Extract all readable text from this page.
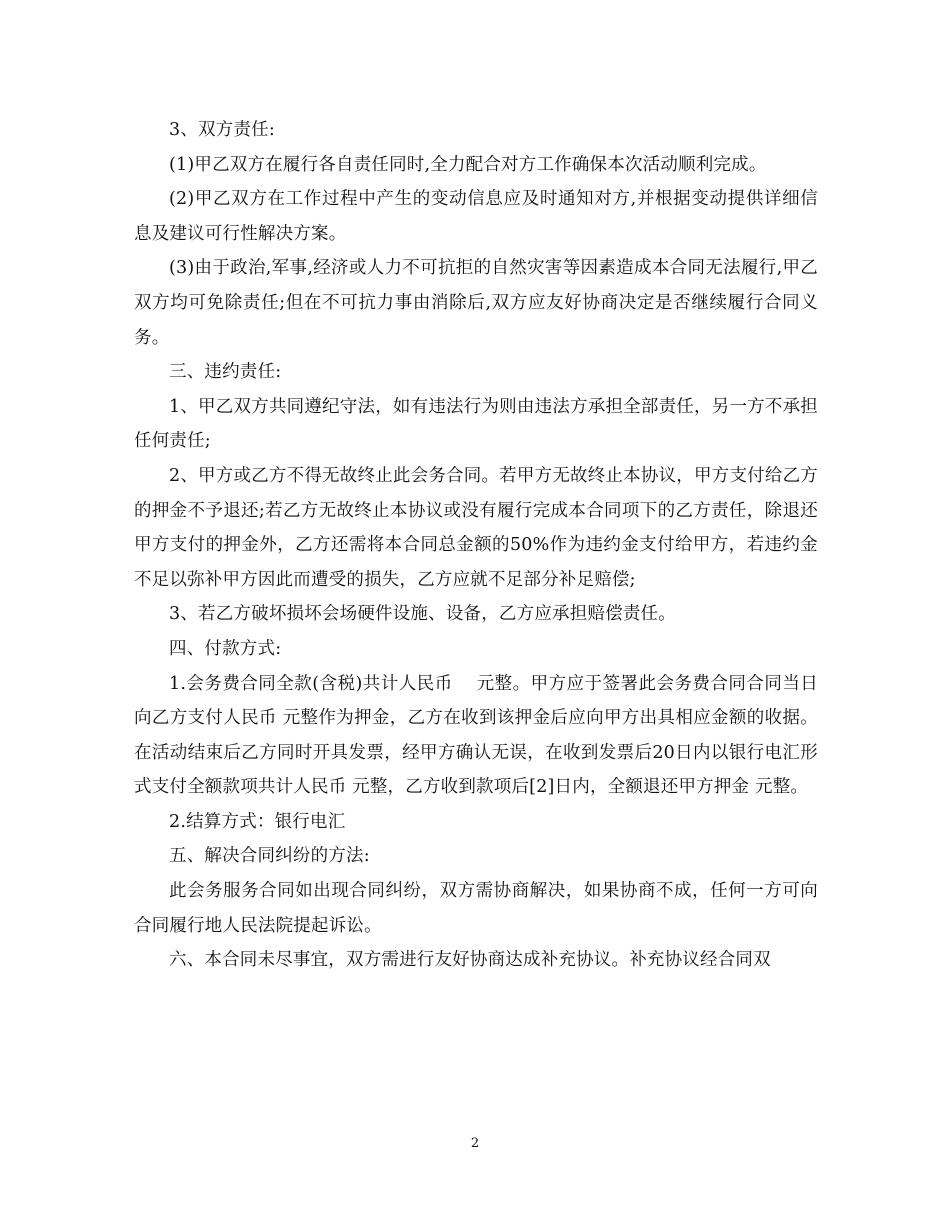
3、双方责任:

(1)甲乙双方在履行各自责任同时,全力配合对方工作确保本次活动顺利完成。

(2)甲乙双方在工作过程中产生的变动信息应及时通知对方,并根据变动提供详细信息及建议可行性解决方案。

(3)由于政治,军事,经济或人力不可抗拒的自然灾害等因素造成本合同无法履行,甲乙双方均可免除责任;但在不可抗力事由消除后,双方应友好协商决定是否继续履行合同义务。

三、违约责任:

1、甲乙双方共同遵纪守法，如有违法行为则由违法方承担全部责任，另一方不承担任何责任;

2、甲方或乙方不得无故终止此会务合同。若甲方无故终止本协议，甲方支付给乙方的押金不予退还;若乙方无故终止本协议或没有履行完成本合同项下的乙方责任，除退还甲方支付的押金外，乙方还需将本合同总金额的50%作为违约金支付给甲方，若违约金不足以弥补甲方因此而遭受的损失，乙方应就不足部分补足赔偿;

3、若乙方破坏损坏会场硬件设施、设备，乙方应承担赔偿责任。

四、付款方式:

1.会务费合同全款(含税)共计人民币　 元整。甲方应于签署此会务费合同合同当日向乙方支付人民币 元整作为押金，乙方在收到该押金后应向甲方出具相应金额的收据。在活动结束后乙方同时开具发票，经甲方确认无误，在收到发票后20日内以银行电汇形式支付全额款项共计人民币 元整，乙方收到款项后[2]日内，全额退还甲方押金 元整。

2.结算方式：银行电汇

五、解决合同纠纷的方法:

此会务服务合同如出现合同纠纷，双方需协商解决，如果协商不成，任何一方可向合同履行地人民法院提起诉讼。

六、本合同未尽事宜，双方需进行友好协商达成补充协议。补充协议经合同双

2
